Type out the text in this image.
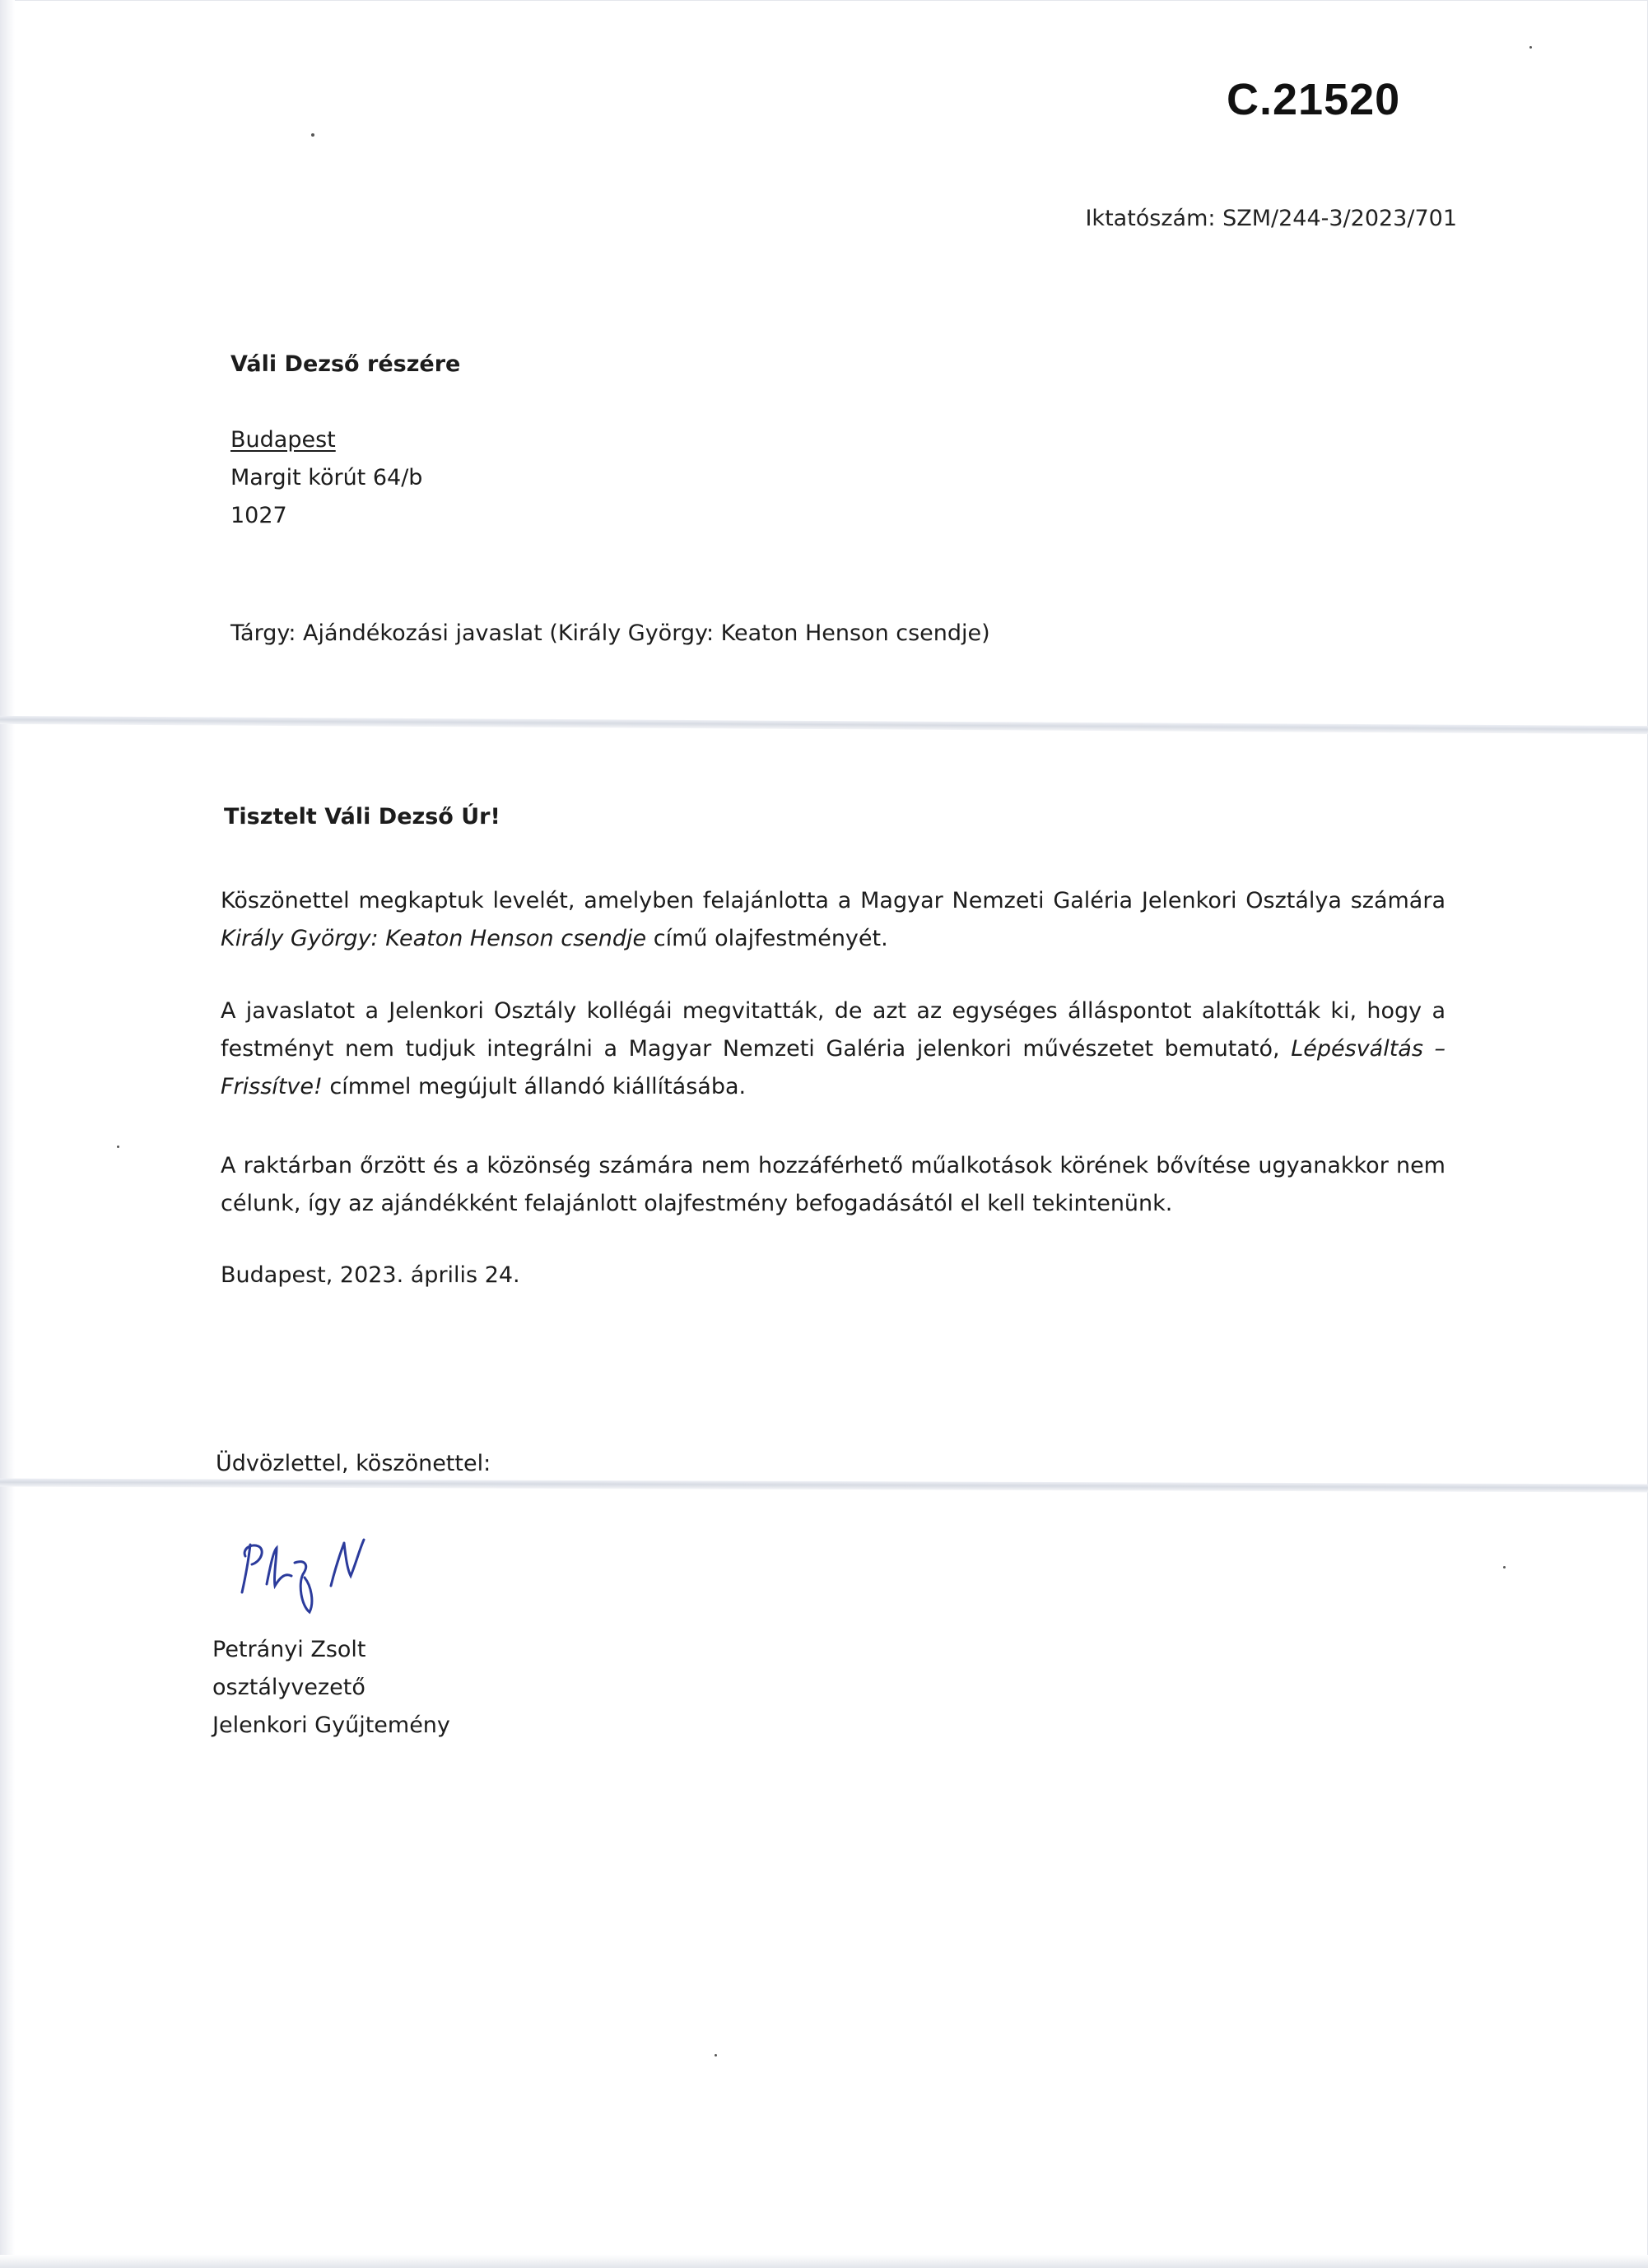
C.21520
Iktatószám: SZM/244-3/2023/701
Váli Dezső részére
Budapest
Margit körút 64/b
1027
Tárgy: Ajándékozási javaslat (Király György: Keaton Henson csendje)
Tisztelt Váli Dezső Úr!
Köszönettel megkaptuk levelét, amelyben felajánlotta a Magyar Nemzeti Galéria Jelenkori Osztálya számára Király György: Keaton Henson csendje című olajfestményét.
A javaslatot a Jelenkori Osztály kollégái megvitatták, de azt az egységes álláspontot alakították ki, hogy a festményt nem tudjuk integrálni a Magyar Nemzeti Galéria jelenkori művészetet bemutató, Lépésváltás – Frissítve! címmel megújult állandó kiállításába.
A raktárban őrzött és a közönség számára nem hozzáférhető műalkotások körének bővítése ugyanakkor nem célunk, így az ajándékként felajánlott olajfestmény befogadásától el kell tekintenünk.
Budapest, 2023. április 24.
Üdvözlettel, köszönettel:
Petrányi Zsolt
osztályvezető
Jelenkori Gyűjtemény
